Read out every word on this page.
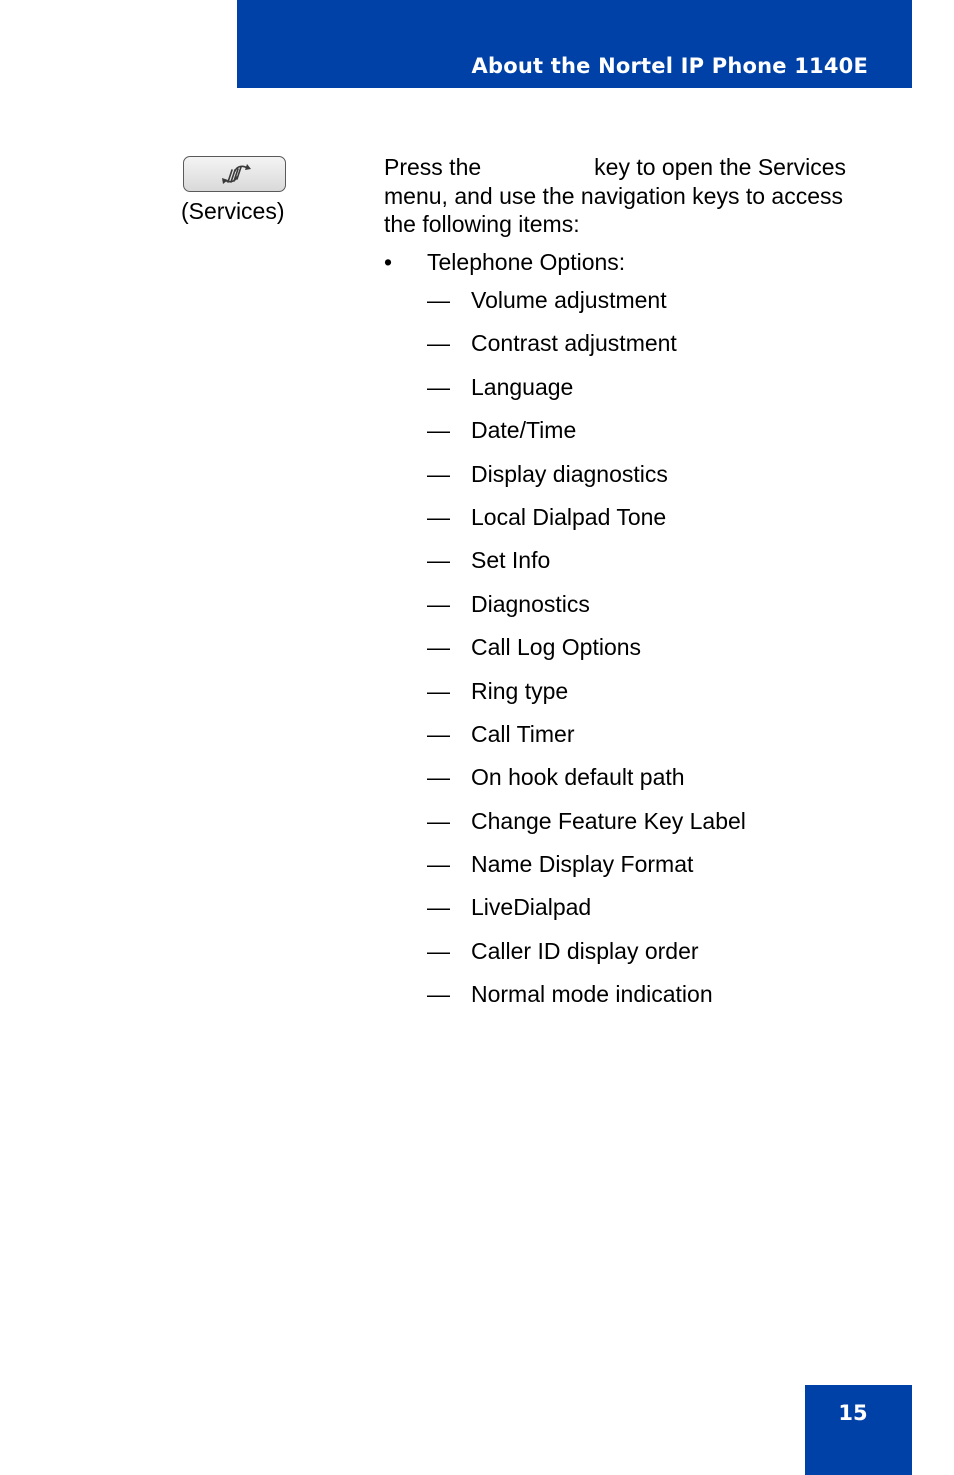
About the Nortel IP Phone 1140E
(Services)
Press the	key to open the Services
menu, and use the navigation keys to access
the following items:
• Telephone Options:
— Volume adjustment
— Contrast adjustment
— Language
— Date/Time
— Display diagnostics
— Local Dialpad Tone
— Set Info
— Diagnostics
— Call Log Options
— Ring type
— Call Timer
— On hook default path
— Change Feature Key Label
— Name Display Format
— LiveDialpad
— Caller ID display order
— Normal mode indication
15
